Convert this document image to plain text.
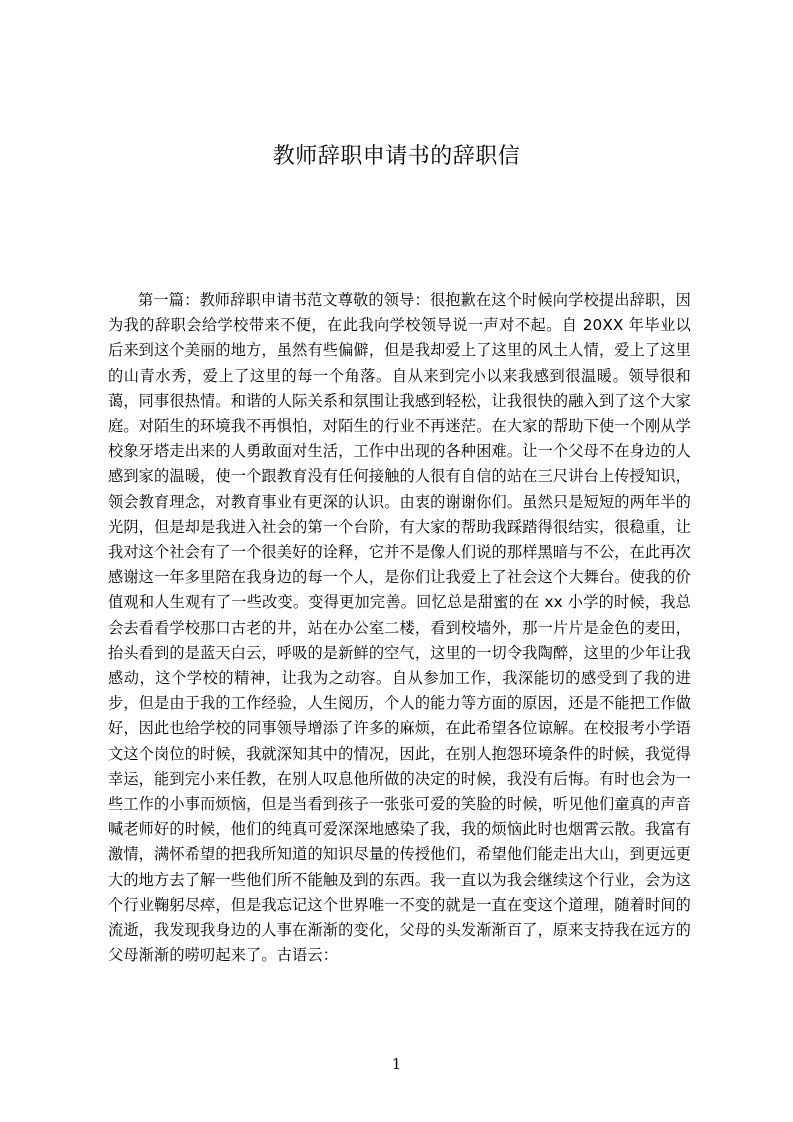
教师辞职申请书的辞职信

第一篇：教师辞职申请书范文尊敬的领导：很抱歉在这个时候向学校提出辞职，因为我的辞职会给学校带来不便，在此我向学校领导说一声对不起。自 20XX 年毕业以后来到这个美丽的地方，虽然有些偏僻，但是我却爱上了这里的风土人情，爱上了这里的山青水秀，爱上了这里的每一个角落。自从来到完小以来我感到很温暖。领导很和蔼，同事很热情。和谐的人际关系和氛围让我感到轻松，让我很快的融入到了这个大家庭。对陌生的环境我不再惧怕，对陌生的行业不再迷茫。在大家的帮助下使一个刚从学校象牙塔走出来的人勇敢面对生活，工作中出现的各种困难。让一个父母不在身边的人感到家的温暖，使一个跟教育没有任何接触的人很有自信的站在三尺讲台上传授知识，领会教育理念，对教育事业有更深的认识。由衷的谢谢你们。虽然只是短短的两年半的光阴，但是却是我进入社会的第一个台阶，有大家的帮助我踩踏得很结实，很稳重，让我对这个社会有了一个很美好的诠释，它并不是像人们说的那样黑暗与不公，在此再次感谢这一年多里陪在我身边的每一个人，是你们让我爱上了社会这个大舞台。使我的价值观和人生观有了一些改变。变得更加完善。回忆总是甜蜜的在 xx 小学的时候，我总会去看看学校那口古老的井，站在办公室二楼，看到校墙外，那一片片是金色的麦田，抬头看到的是蓝天白云，呼吸的是新鲜的空气，这里的一切令我陶醉，这里的少年让我感动，这个学校的精神，让我为之动容。自从参加工作，我深能切的感受到了我的进步，但是由于我的工作经验，人生阅历，个人的能力等方面的原因，还是不能把工作做好，因此也给学校的同事领导增添了许多的麻烦，在此希望各位谅解。在校报考小学语文这个岗位的时候，我就深知其中的情况，因此，在别人抱怨环境条件的时候，我觉得幸运，能到完小来任教，在别人叹息他所做的决定的时候，我没有后悔。有时也会为一些工作的小事而烦恼，但是当看到孩子一张张可爱的笑脸的时候，听见他们童真的声音喊老师好的时候，他们的纯真可爱深深地感染了我，我的烦恼此时也烟霄云散。我富有激情，满怀希望的把我所知道的知识尽量的传授他们，希望他们能走出大山，到更远更大的地方去了解一些他们所不能触及到的东西。我一直以为我会继续这个行业，会为这个行业鞠躬尽瘁，但是我忘记这个世界唯一不变的就是一直在变这个道理，随着时间的流逝，我发现我身边的人事在渐渐的变化，父母的头发渐渐百了，原来支持我在远方的父母渐渐的唠叨起来了。古语云：

1
